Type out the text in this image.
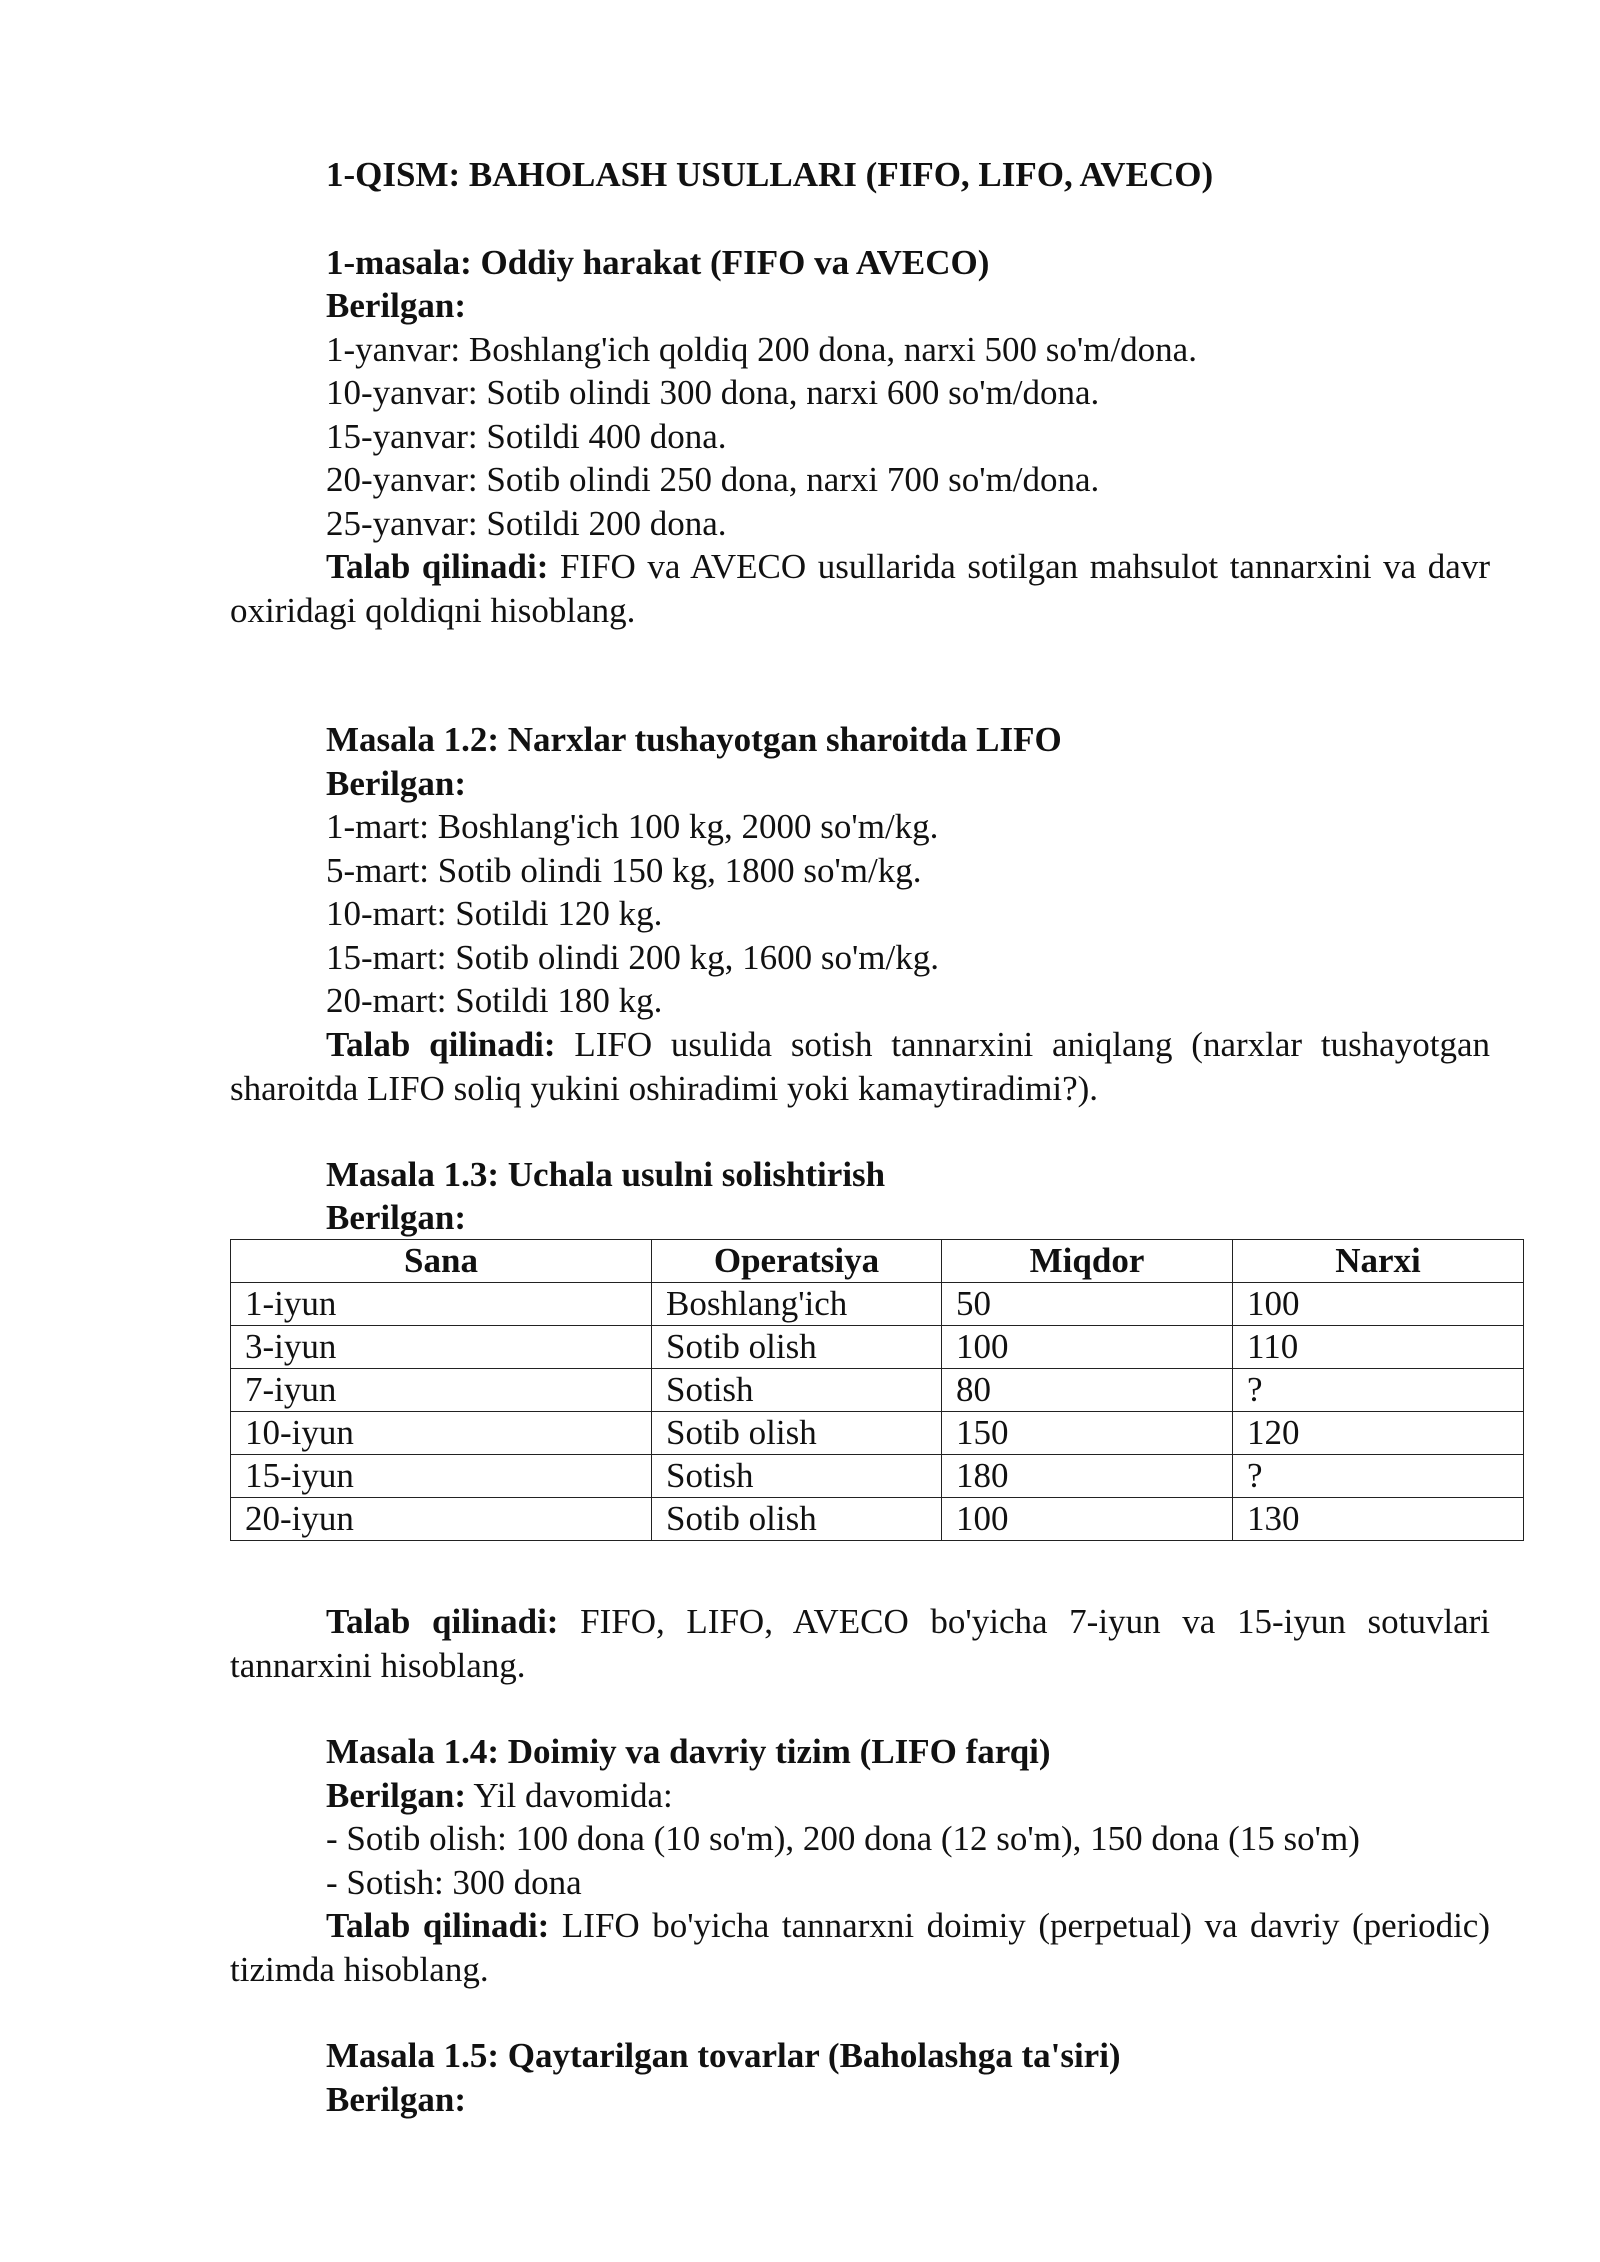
1-QISM: BAHOLASH USULLARI (FIFO, LIFO, AVECO)
1-masala: Oddiy harakat (FIFO va AVECO)
Berilgan:
1-yanvar: Boshlang'ich qoldiq 200 dona, narxi 500 so'm/dona.
10-yanvar: Sotib olindi 300 dona, narxi 600 so'm/dona.
15-yanvar: Sotildi 400 dona.
20-yanvar: Sotib olindi 250 dona, narxi 700 so'm/dona.
25-yanvar: Sotildi 200 dona.
Talab qilinadi: FIFO va AVECO usullarida sotilgan mahsulot tannarxini va davr oxiridagi qoldiqni hisoblang.
Masala 1.2: Narxlar tushayotgan sharoitda LIFO
Berilgan:
1-mart: Boshlang'ich 100 kg, 2000 so'm/kg.
5-mart: Sotib olindi 150 kg, 1800 so'm/kg.
10-mart: Sotildi 120 kg.
15-mart: Sotib olindi 200 kg, 1600 so'm/kg.
20-mart: Sotildi 180 kg.
Talab qilinadi: LIFO usulida sotish tannarxini aniqlang (narxlar tushayotgan sharoitda LIFO soliq yukini oshiradimi yoki kamaytiradimi?).
Masala 1.3: Uchala usulni solishtirish
Berilgan:
Sana	Operatsiya	Miqdor	Narxi
1-iyun	Boshlang'ich	50	100
3-iyun	Sotib olish	100	110
7-iyun	Sotish	80	?
10-iyun	Sotib olish	150	120
15-iyun	Sotish	180	?
20-iyun	Sotib olish	100	130
Talab qilinadi: FIFO, LIFO, AVECO bo'yicha 7-iyun va 15-iyun sotuvlari tannarxini hisoblang.
Masala 1.4: Doimiy va davriy tizim (LIFO farqi)
Berilgan: Yil davomida:
- Sotib olish: 100 dona (10 so'm), 200 dona (12 so'm), 150 dona (15 so'm)
- Sotish: 300 dona
Talab qilinadi: LIFO bo'yicha tannarxni doimiy (perpetual) va davriy (periodic) tizimda hisoblang.
Masala 1.5: Qaytarilgan tovarlar (Baholashga ta'siri)
Berilgan:
